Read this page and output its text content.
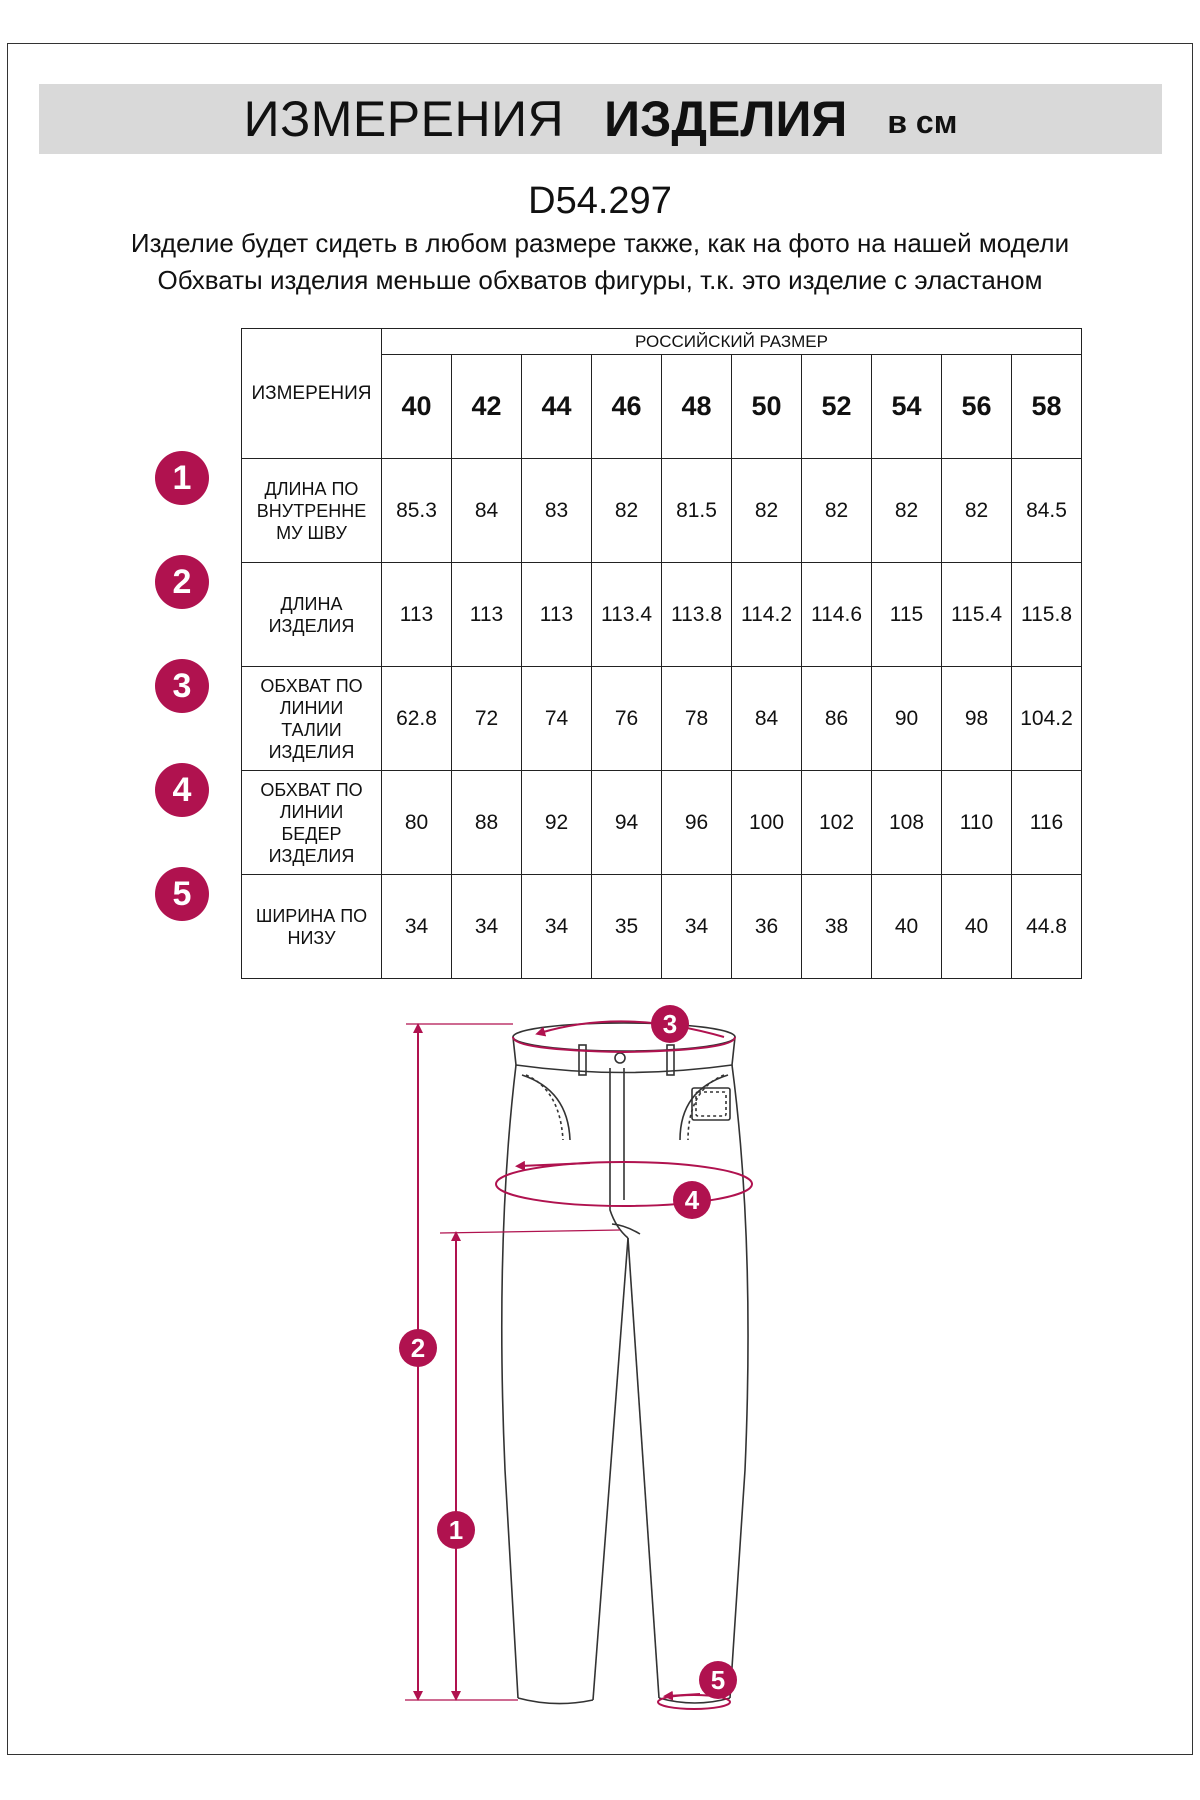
ИЗМЕРЕНИЯ ИЗДЕЛИЯ в см
D54.297
Изделие будет сидеть в любом размере также, как на фото на нашей модели
Обхваты изделия меньше обхватов фигуры, т.к. это изделие с эластаном
ИЗМЕРЕНИЯ	РОССИЙСКИЙ РАЗМЕР									
	40	42	44	46	48	50	52	54	56	58
ДЛИНА ПО
ВНУТРЕННЕ
МУ ШВУ	85.3	84	83	82	81.5	82	82	82	82	84.5
ДЛИНА
ИЗДЕЛИЯ	113	113	113	113.4	113.8	114.2	114.6	115	115.4	115.8
ОБХВАТ ПО
ЛИНИИ
ТАЛИИ
ИЗДЕЛИЯ	62.8	72	74	76	78	84	86	90	98	104.2
ОБХВАТ ПО
ЛИНИИ
БЕДЕР
ИЗДЕЛИЯ	80	88	92	94	96	100	102	108	110	116
ШИРИНА ПО
НИЗУ	34	34	34	35	34	36	38	40	40	44.8
1
2
3
4
5
1
2
3
4
5
